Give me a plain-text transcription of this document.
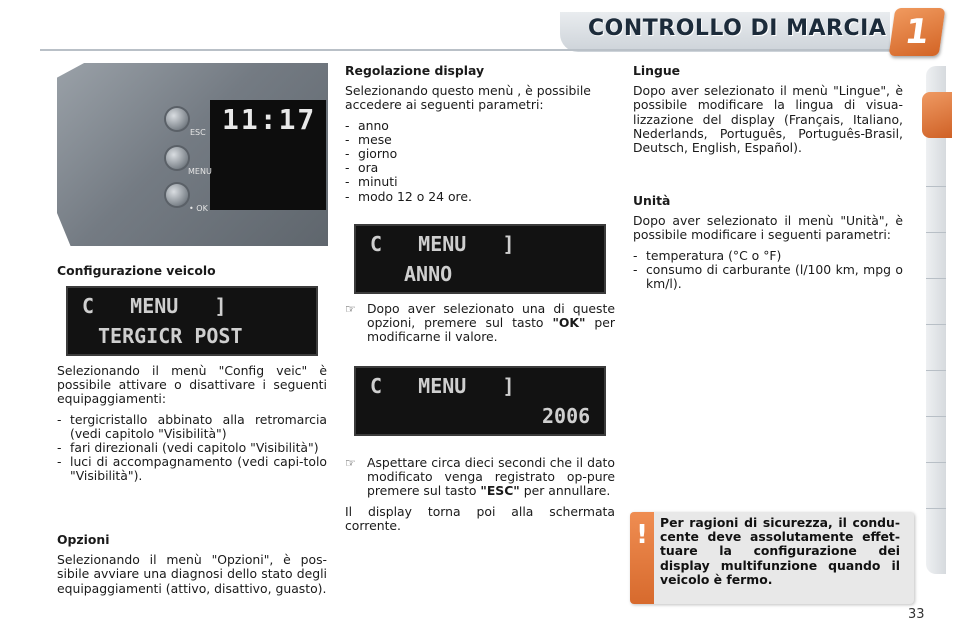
CONTROLLO DI MARCIA 1
11:17
ESC
MENU
• OK
Configurazione veicolo
C   MENU   ]
TERGICR POST

Selezionando il menù "Config veic" è possibile attivare o disattivare i seguenti equipaggiamenti:

- tergicristallo abbinato alla retromarcia (vedi capitolo "Visibilità")
- fari direzionali (vedi capitolo "Visibilità")
- luci di accompagnamento (vedi capi-tolo "Visibilità").
Opzioni

Selezionando il menù "Opzioni", è pos-sibile avviare una diagnosi dello stato degli equipaggiamenti (attivo, disattivo, guasto).

Regolazione display

Selezionando questo menù , è possibile accedere ai seguenti parametri:

- anno
- mese
- giorno
- ora
- minuti
- modo 12 o 24 ore.
C   MENU   ]
ANNO

☞ Dopo aver selezionato una di queste opzioni, premere sul tasto "OK" per modificarne il valore.

C   MENU   ]
2006

☞ Aspettare circa dieci secondi che il dato modificato venga registrato op-pure premere sul tasto "ESC" per annullare.

Il display torna poi alla schermata corrente.

Lingue

Dopo aver selezionato il menù "Lingue", è possibile modificare la lingua di visua-lizzazione del display (Français, Italiano, Nederlands, Português, Português-Brasil, Deutsch, English, Español).

Unità

Dopo aver selezionato il menù "Unità", è possibile modificare i seguenti parametri:

- temperatura (°C o °F)
- consumo di carburante (l/100 km, mpg o km/l).
! Per ragioni di sicurezza, il condu-cente deve assolutamente effet-tuare la configurazione dei display multifunzione quando il veicolo è fermo.
33
